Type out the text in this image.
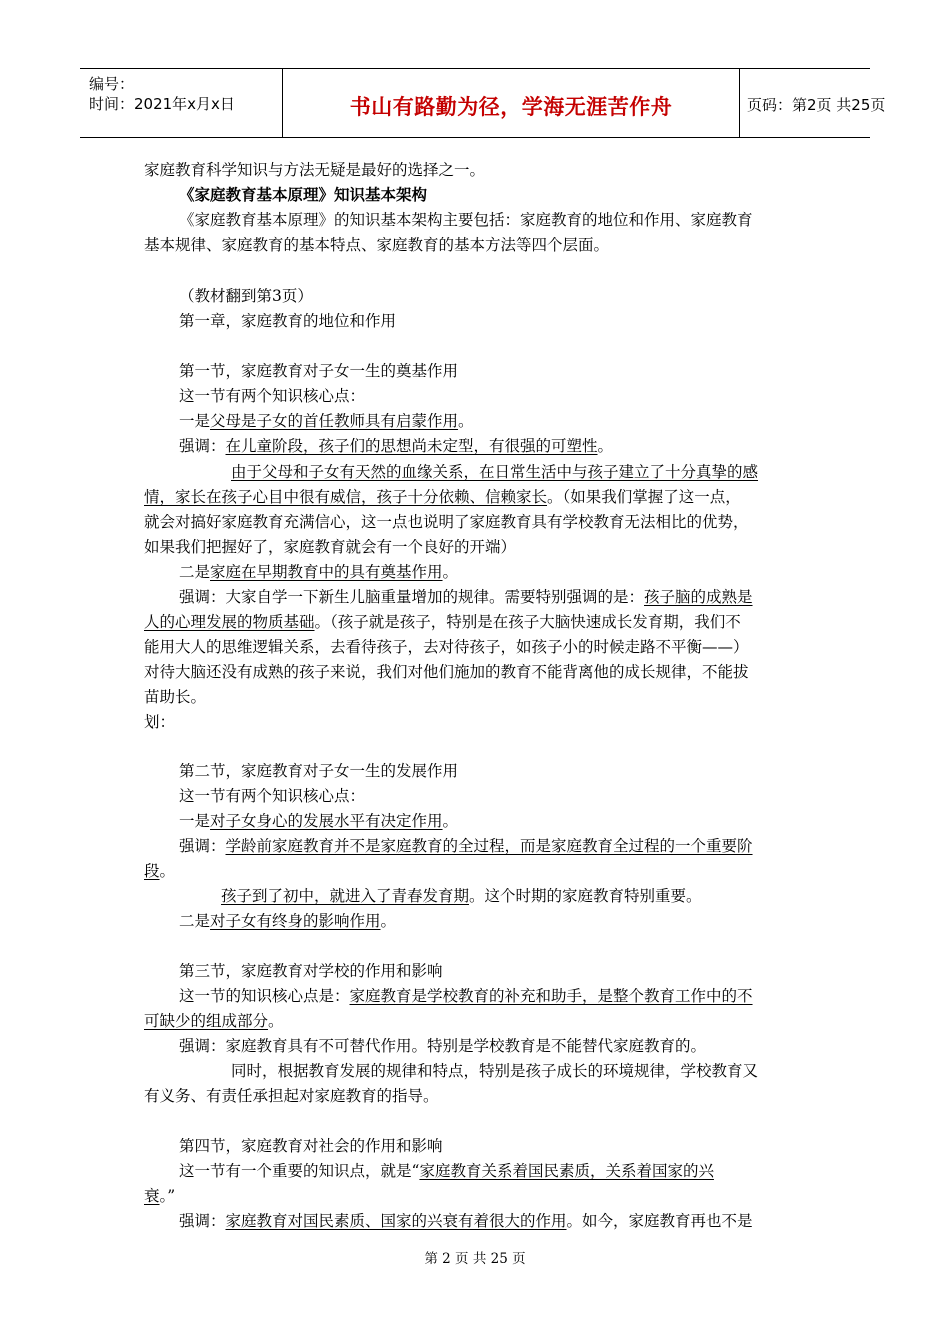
编号：
时间：2021年x月x日	书山有路勤为径，学海无涯苦作舟	页码：第2页 共25页
家庭教育科学知识与方法无疑是最好的选择之一。
《家庭教育基本原理》知识基本架构
《家庭教育基本原理》的知识基本架构主要包括：家庭教育的地位和作用、家庭教育
基本规律、家庭教育的基本特点、家庭教育的基本方法等四个层面。
（教材翻到第3页）
第一章，家庭教育的地位和作用
第一节，家庭教育对子女一生的奠基作用
这一节有两个知识核心点：
一是父母是子女的首任教师具有启蒙作用。
强调：在儿童阶段，孩子们的思想尚未定型，有很强的可塑性。
由于父母和子女有天然的血缘关系，在日常生活中与孩子建立了十分真挚的感
情，家长在孩子心目中很有威信，孩子十分依赖、信赖家长。（如果我们掌握了这一点，
就会对搞好家庭教育充满信心，这一点也说明了家庭教育具有学校教育无法相比的优势，
如果我们把握好了，家庭教育就会有一个良好的开端）
二是家庭在早期教育中的具有奠基作用。
强调：大家自学一下新生儿脑重量增加的规律。需要特别强调的是：孩子脑的成熟是
人的心理发展的物质基础。（孩子就是孩子，特别是在孩子大脑快速成长发育期，我们不
能用大人的思维逻辑关系，去看待孩子，去对待孩子，如孩子小的时候走路不平衡——）
对待大脑还没有成熟的孩子来说，我们对他们施加的教育不能背离他的成长规律，不能拔
苗助长。
划：
第二节，家庭教育对子女一生的发展作用
这一节有两个知识核心点：
一是对子女身心的发展水平有决定作用。
强调：学龄前家庭教育并不是家庭教育的全过程，而是家庭教育全过程的一个重要阶
段。
孩子到了初中，就进入了青春发育期。这个时期的家庭教育特别重要。
二是对子女有终身的影响作用。
第三节，家庭教育对学校的作用和影响
这一节的知识核心点是：家庭教育是学校教育的补充和助手，是整个教育工作中的不
可缺少的组成部分。
强调：家庭教育具有不可替代作用。特别是学校教育是不能替代家庭教育的。
同时，根据教育发展的规律和特点，特别是孩子成长的环境规律，学校教育又
有义务、有责任承担起对家庭教育的指导。
第四节，家庭教育对社会的作用和影响
这一节有一个重要的知识点，就是“家庭教育关系着国民素质，关系着国家的兴
衰。”
强调：家庭教育对国民素质、国家的兴衰有着很大的作用。如今，家庭教育再也不是
第 2 页 共 25 页
